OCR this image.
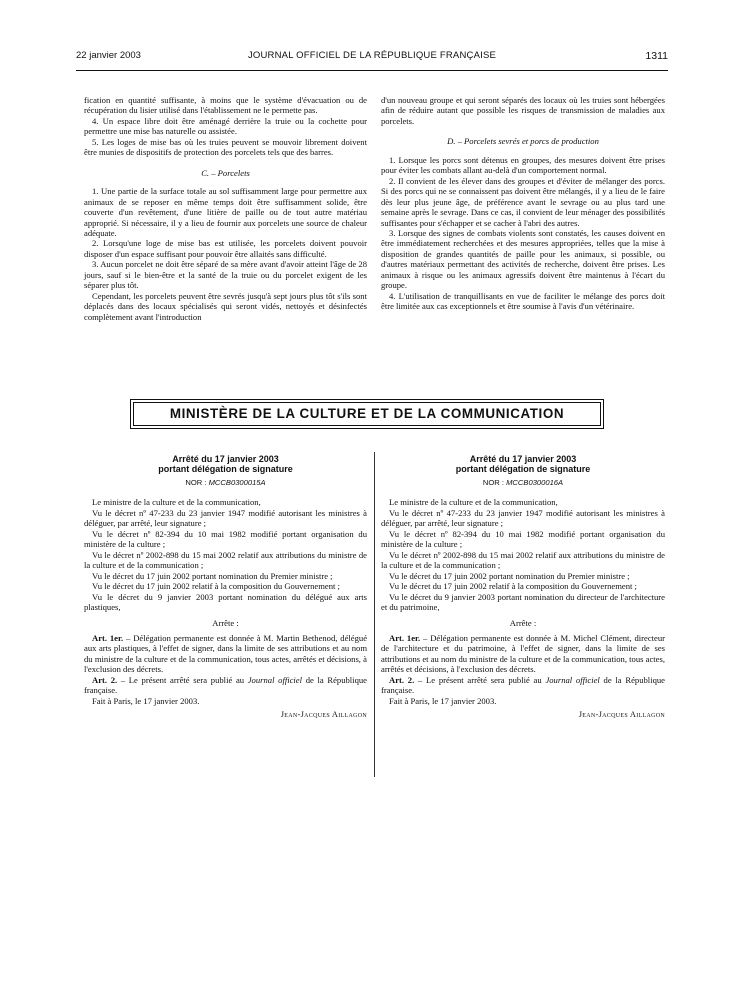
22 janvier 2003	JOURNAL OFFICIEL DE LA RÉPUBLIQUE FRANÇAISE	1311

fication en quantité suffisante, à moins que le système d'évacuation ou de récupération du lisier utilisé dans l'établissement ne le permette pas.

4. Un espace libre doit être aménagé derrière la truie ou la cochette pour permettre une mise bas naturelle ou assistée.

5. Les loges de mise bas où les truies peuvent se mouvoir librement doivent être munies de dispositifs de protection des porcelets tels que des barres.

C. – Porcelets

1. Une partie de la surface totale au sol suffisamment large pour permettre aux animaux de se reposer en même temps doit être suffisamment solide, être couverte d'un revêtement, d'une litière de paille ou de tout autre matériau approprié. Si nécessaire, il y a lieu de fournir aux porcelets une source de chaleur adéquate.

2. Lorsqu'une loge de mise bas est utilisée, les porcelets doivent pouvoir disposer d'un espace suffisant pour pouvoir être allaités sans difficulté.

3. Aucun porcelet ne doit être séparé de sa mère avant d'avoir atteint l'âge de 28 jours, sauf si le bien-être et la santé de la truie ou du porcelet exigent de les séparer plus tôt.

Cependant, les porcelets peuvent être sevrés jusqu'à sept jours plus tôt s'ils sont déplacés dans des locaux spécialisés qui seront vidés, nettoyés et désinfectés complètement avant l'introduction

d'un nouveau groupe et qui seront séparés des locaux où les truies sont hébergées afin de réduire autant que possible les risques de transmission de maladies aux porcelets.

D. – Porcelets sevrés et porcs de production

1. Lorsque les porcs sont détenus en groupes, des mesures doivent être prises pour éviter les combats allant au-delà d'un comportement normal.

2. Il convient de les élever dans des groupes et d'éviter de mélanger des porcs. Si des porcs qui ne se connaissent pas doivent être mélangés, il y a lieu de le faire dès leur plus jeune âge, de préférence avant le sevrage ou au plus tard une semaine après le sevrage. Dans ce cas, il convient de leur ménager des possibilités suffisantes pour s'échapper et se cacher à l'abri des autres.

3. Lorsque des signes de combats violents sont constatés, les causes doivent en être immédiatement recherchées et des mesures appropriées, telles que la mise à disposition de grandes quantités de paille pour les animaux, si possible, ou d'autres matériaux permettant des activités de recherche, doivent être prises. Les animaux à risque ou les animaux agressifs doivent être maintenus à l'écart du groupe.

4. L'utilisation de tranquillisants en vue de faciliter le mélange des porcs doit être limitée aux cas exceptionnels et être soumise à l'avis d'un vétérinaire.

MINISTÈRE DE LA CULTURE ET DE LA COMMUNICATION
Arrêté du 17 janvier 2003
portant délégation de signature
NOR : MCCB0300015A

Le ministre de la culture et de la communication,

Vu le décret nº 47-233 du 23 janvier 1947 modifié autorisant les ministres à déléguer, par arrêté, leur signature ;

Vu le décret nº 82-394 du 10 mai 1982 modifié portant organisation du ministère de la culture ;

Vu le décret nº 2002-898 du 15 mai 2002 relatif aux attributions du ministre de la culture et de la communication ;

Vu le décret du 17 juin 2002 portant nomination du Premier ministre ;

Vu le décret du 17 juin 2002 relatif à la composition du Gouvernement ;

Vu le décret du 9 janvier 2003 portant nomination du délégué aux arts plastiques,

Arrête :

Art. 1er. – Délégation permanente est donnée à M. Martin Bethenod, délégué aux arts plastiques, à l'effet de signer, dans la limite de ses attributions et au nom du ministre de la culture et de la communication, tous actes, arrêtés et décisions, à l'exclusion des décrets.

Art. 2. – Le présent arrêté sera publié au Journal officiel de la République française.

Fait à Paris, le 17 janvier 2003.

Jean-Jacques Aillagon
Arrêté du 17 janvier 2003
portant délégation de signature
NOR : MCCB0300016A

Le ministre de la culture et de la communication,

Vu le décret nº 47-233 du 23 janvier 1947 modifié autorisant les ministres à déléguer, par arrêté, leur signature ;

Vu le décret nº 82-394 du 10 mai 1982 modifié portant organisation du ministère de la culture ;

Vu le décret nº 2002-898 du 15 mai 2002 relatif aux attributions du ministre de la culture et de la communication ;

Vu le décret du 17 juin 2002 portant nomination du Premier ministre ;

Vu le décret du 17 juin 2002 relatif à la composition du Gouvernement ;

Vu le décret du 9 janvier 2003 portant nomination du directeur de l'architecture et du patrimoine,

Arrête :

Art. 1er. – Délégation permanente est donnée à M. Michel Clément, directeur de l'architecture et du patrimoine, à l'effet de signer, dans la limite de ses attributions et au nom du ministre de la culture et de la communication, tous actes, arrêtés et décisions, à l'exclusion des décrets.

Art. 2. – Le présent arrêté sera publié au Journal officiel de la République française.

Fait à Paris, le 17 janvier 2003.

Jean-Jacques Aillagon
